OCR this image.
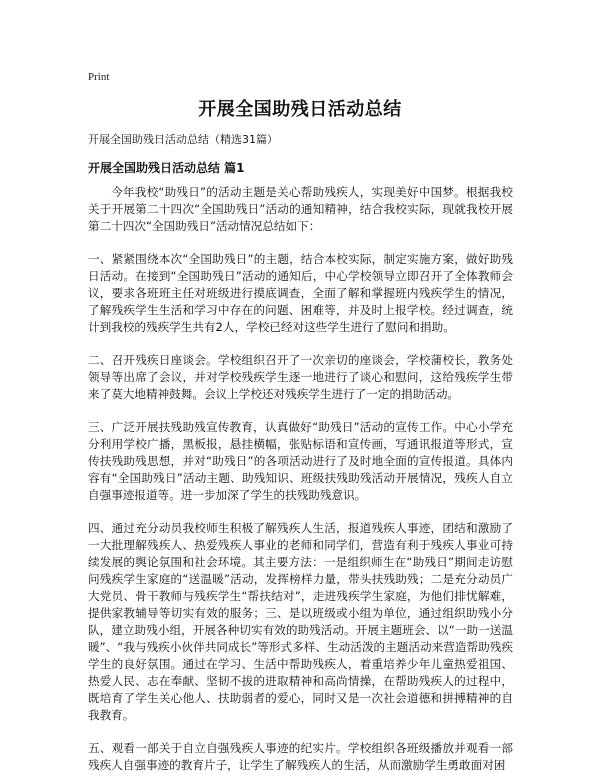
Print
开展全国助残日活动总结
开展全国助残日活动总结（精选31篇）
开展全国助残日活动总结 篇1

今年我校“助残日”的活动主题是关心帮助残疾人，实现美好中国梦。根据我校关于开展第二十四次“全国助残日”活动的通知精神，结合我校实际，现就我校开展第二十四次“全国助残日”活动情况总结如下：

一、紧紧围绕本次“全国助残日”的主题，结合本校实际，制定实施方案，做好助残日活动。在接到“全国助残日”活动的通知后，中心学校领导立即召开了全体教师会议，要求各班班主任对班级进行摸底调查，全面了解和掌握班内残疾学生的情况，了解残疾学生生活和学习中存在的问题、困难等，并及时上报学校。经过调查，统计到我校的残疾学生共有2人，学校已经对这些学生进行了慰问和捐助。

二、召开残疾日座谈会。学校组织召开了一次亲切的座谈会，学校蒲校长，教务处领导等出席了会议，并对学校残疾学生逐一地进行了谈心和慰问，这给残疾学生带来了莫大地精神鼓舞。会议上学校还对残疾学生进行了一定的捐助活动。

三、广泛开展扶残助残宣传教育，认真做好“助残日”活动的宣传工作。中心小学充分利用学校广播，黑板报，悬挂横幅，张贴标语和宣传画，写通讯报道等形式，宣传扶残助残思想，并对“助残日”的各项活动进行了及时地全面的宣传报道。具体内容有“全国助残日”活动主题、助残知识、班级扶残助残活动开展情况，残疾人自立自强事迹报道等。进一步加深了学生的扶残助残意识。

四、通过充分动员我校师生积极了解残疾人生活，报道残疾人事迹，团结和激励了一大批理解残疾人、热爱残疾人事业的老师和同学们，营造有利于残疾人事业可持续发展的舆论氛围和社会环境。其主要方法：一是组织师生在“助残日”期间走访慰问残疾学生家庭的“送温暖”活动，发挥榜样力量，带头扶残助残；二是充分动员广大党员、骨干教师与残疾学生“帮扶结对”，走进残疾学生家庭，为他们排忧解难，提供家教辅导等切实有效的服务；三、是以班级或小组为单位，通过组织助残小分队，建立助残小组，开展各种切实有效的助残活动。开展主题班会、以“一助一送温暖”、“我与残疾小伙伴共同成长”等形式多样、生动活泼的主题活动来营造帮助残疾学生的良好氛围。通过在学习、生活中帮助残疾人，着重培养少年儿童热爱祖国、热爱人民、志在奉献、坚韧不拔的进取精神和高尚情操，在帮助残疾人的过程中，既培育了学生关心他人、扶助弱者的爱心，同时又是一次社会道德和拼搏精神的自我教育。

五、观看一部关于自立自强残疾人事迹的纪实片。学校组织各班级播放并观看一部残疾人自强事迹的教育片子，让学生了解残疾人的生活，从而激励学生勇敢面对困
